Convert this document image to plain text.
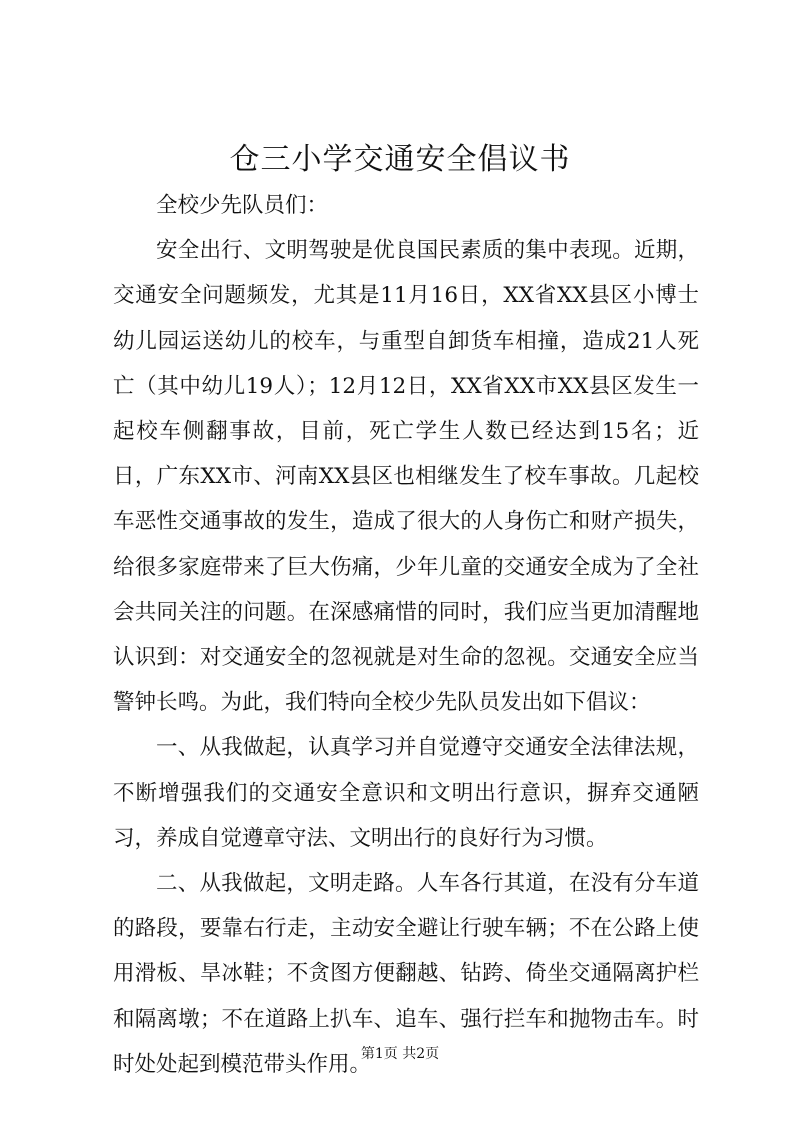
仓三小学交通安全倡议书

全校少先队员们：

安全出行、文明驾驶是优良国民素质的集中表现。近期，交通安全问题频发，尤其是11月16日，XX省XX县区小博士幼儿园运送幼儿的校车，与重型自卸货车相撞，造成21人死亡（其中幼儿19人）；12月12日，XX省XX市XX县区发生一起校车侧翻事故，目前，死亡学生人数已经达到15名；近日，广东XX市、河南XX县区也相继发生了校车事故。几起校车恶性交通事故的发生，造成了很大的人身伤亡和财产损失，给很多家庭带来了巨大伤痛，少年儿童的交通安全成为了全社会共同关注的问题。在深感痛惜的同时，我们应当更加清醒地认识到：对交通安全的忽视就是对生命的忽视。交通安全应当警钟长鸣。为此，我们特向全校少先队员发出如下倡议：

一、从我做起，认真学习并自觉遵守交通安全法律法规，不断增强我们的交通安全意识和文明出行意识，摒弃交通陋习，养成自觉遵章守法、文明出行的良好行为习惯。

二、从我做起，文明走路。人车各行其道，在没有分车道的路段，要靠右行走，主动安全避让行驶车辆；不在公路上使用滑板、旱冰鞋；不贪图方便翻越、钻跨、倚坐交通隔离护栏和隔离墩；不在道路上扒车、追车、强行拦车和抛物击车。时时处处起到模范带头作用。

第1页 共2页
